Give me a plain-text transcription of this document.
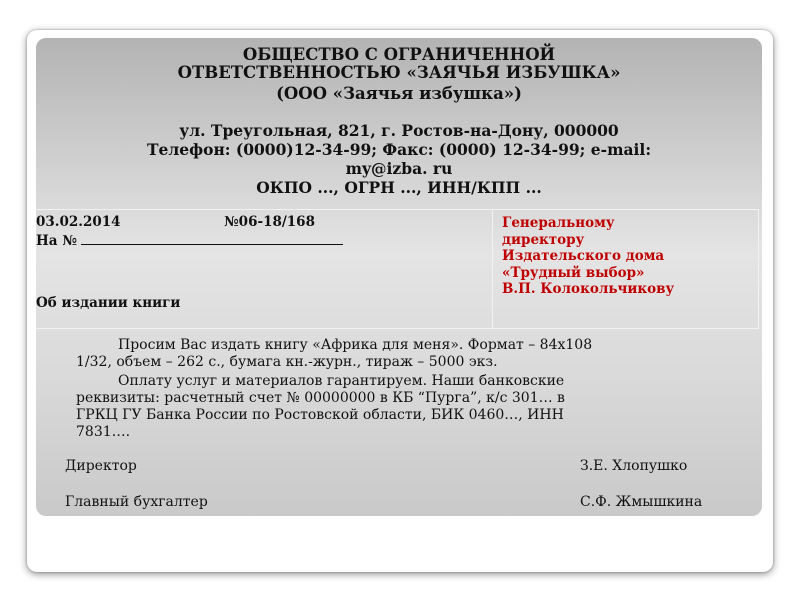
ОБЩЕСТВО С ОГРАНИЧЕННОЙ
ОТВЕТСТВЕННОСТЬЮ «ЗАЯЧЬЯ ИЗБУШКА»
(ООО «Заячья избушка»)
ул. Треугольная, 821, г. Ростов-на-Дону, 000000
Телефон: (0000)12-34-99; Факс: (0000) 12-34-99; e-mail:
my@izba. ru
ОКПО ..., ОГРН ..., ИНН/КПП ...
03.02.2014	№06-18/168
На №
Об издании книги
Генеральному
директору
Издательского дома
«Трудный выбор»
В.П. Колокольчикову
Просим Вас издать книгу «Африка для меня». Формат – 84х108
1/32, объем – 262 с., бумага кн.-журн., тираж – 5000 экз.
Оплату услуг и материалов гарантируем. Наши банковские
реквизиты: расчетный счет № 00000000 в КБ “Пурга”, к/с 301… в
ГРКЦ ГУ Банка России по Ростовской области, БИК 0460…, ИНН
7831….
Директор	З.Е. Хлопушко
Главный бухгалтер	С.Ф. Жмышкина
